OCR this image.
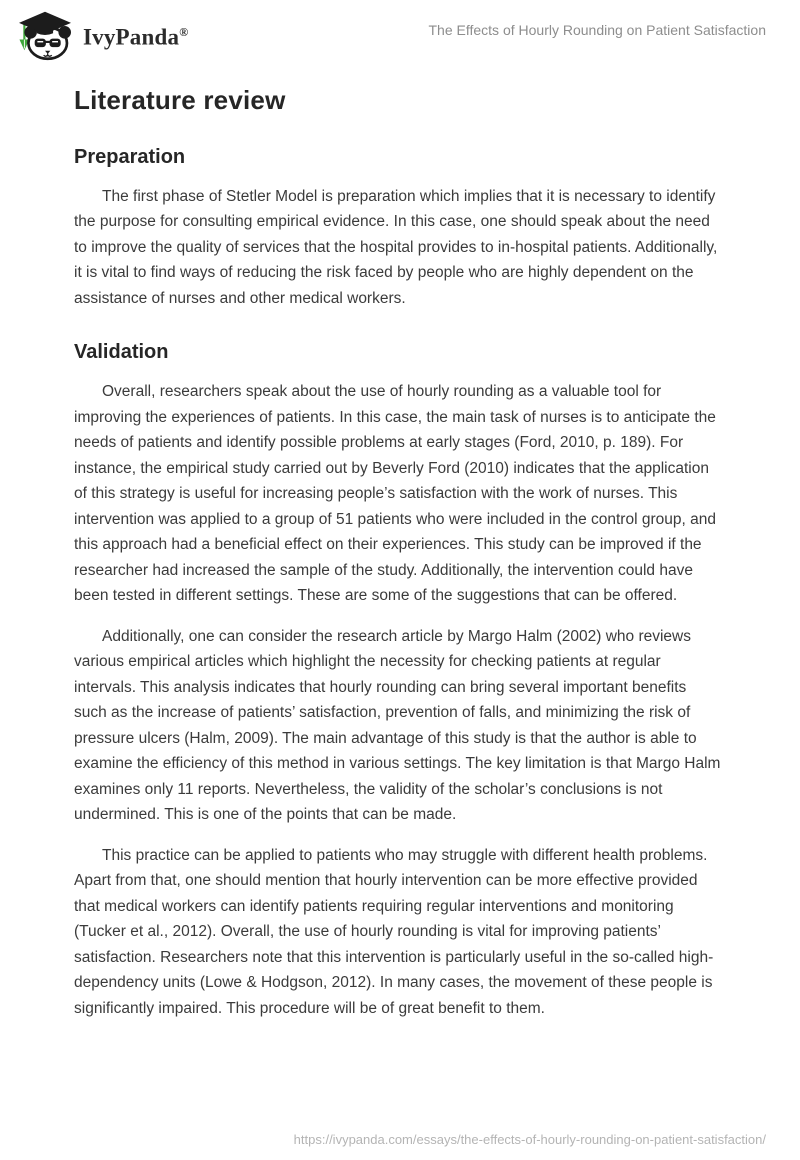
IvyPanda®	The Effects of Hourly Rounding on Patient Satisfaction
Literature review
Preparation

The first phase of Stetler Model is preparation which implies that it is necessary to identify the purpose for consulting empirical evidence. In this case, one should speak about the need to improve the quality of services that the hospital provides to in-hospital patients. Additionally, it is vital to find ways of reducing the risk faced by people who are highly dependent on the assistance of nurses and other medical workers.

Validation

Overall, researchers speak about the use of hourly rounding as a valuable tool for improving the experiences of patients. In this case, the main task of nurses is to anticipate the needs of patients and identify possible problems at early stages (Ford, 2010, p. 189). For instance, the empirical study carried out by Beverly Ford (2010) indicates that the application of this strategy is useful for increasing people’s satisfaction with the work of nurses. This intervention was applied to a group of 51 patients who were included in the control group, and this approach had a beneficial effect on their experiences. This study can be improved if the researcher had increased the sample of the study. Additionally, the intervention could have been tested in different settings. These are some of the suggestions that can be offered.

Additionally, one can consider the research article by Margo Halm (2002) who reviews various empirical articles which highlight the necessity for checking patients at regular intervals. This analysis indicates that hourly rounding can bring several important benefits such as the increase of patients’ satisfaction, prevention of falls, and minimizing the risk of pressure ulcers (Halm, 2009). The main advantage of this study is that the author is able to examine the efficiency of this method in various settings. The key limitation is that Margo Halm examines only 11 reports. Nevertheless, the validity of the scholar’s conclusions is not undermined. This is one of the points that can be made.

This practice can be applied to patients who may struggle with different health problems. Apart from that, one should mention that hourly intervention can be more effective provided that medical workers can identify patients requiring regular interventions and monitoring (Tucker et al., 2012). Overall, the use of hourly rounding is vital for improving patients’ satisfaction. Researchers note that this intervention is particularly useful in the so-called high-dependency units (Lowe & Hodgson, 2012). In many cases, the movement of these people is significantly impaired. This procedure will be of great benefit to them.

https://ivypanda.com/essays/the-effects-of-hourly-rounding-on-patient-satisfaction/
